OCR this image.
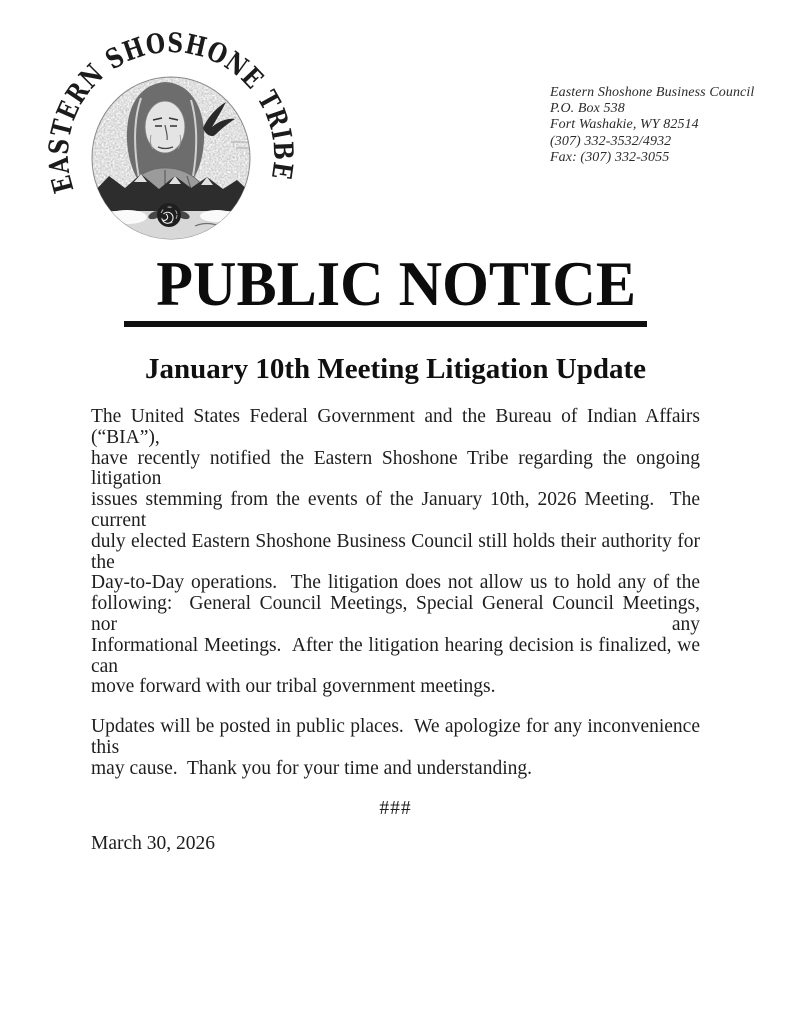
EASTERN SHOSHONE TRIBE
Eastern Shoshone Business Council
P.O. Box 538
Fort Washakie, WY 82514
(307) 332-3532/4932
Fax: (307) 332-3055
PUBLIC NOTICE
January 10th Meeting Litigation Update
The United States Federal Government and the Bureau of Indian Affairs (“BIA”),
have recently notified the Eastern Shoshone Tribe regarding the ongoing litigation
issues stemming from the events of the January 10th, 2026 Meeting.  The current
duly elected Eastern Shoshone Business Council still holds their authority for the
Day-to-Day operations.  The litigation does not allow us to hold any of the
following:  General Council Meetings, Special General Council Meetings, nor any
Informational Meetings.  After the litigation hearing decision is finalized, we can
move forward with our tribal government meetings.
Updates will be posted in public places.  We apologize for any inconvenience this
may cause.  Thank you for your time and understanding.
###
March 30, 2026
